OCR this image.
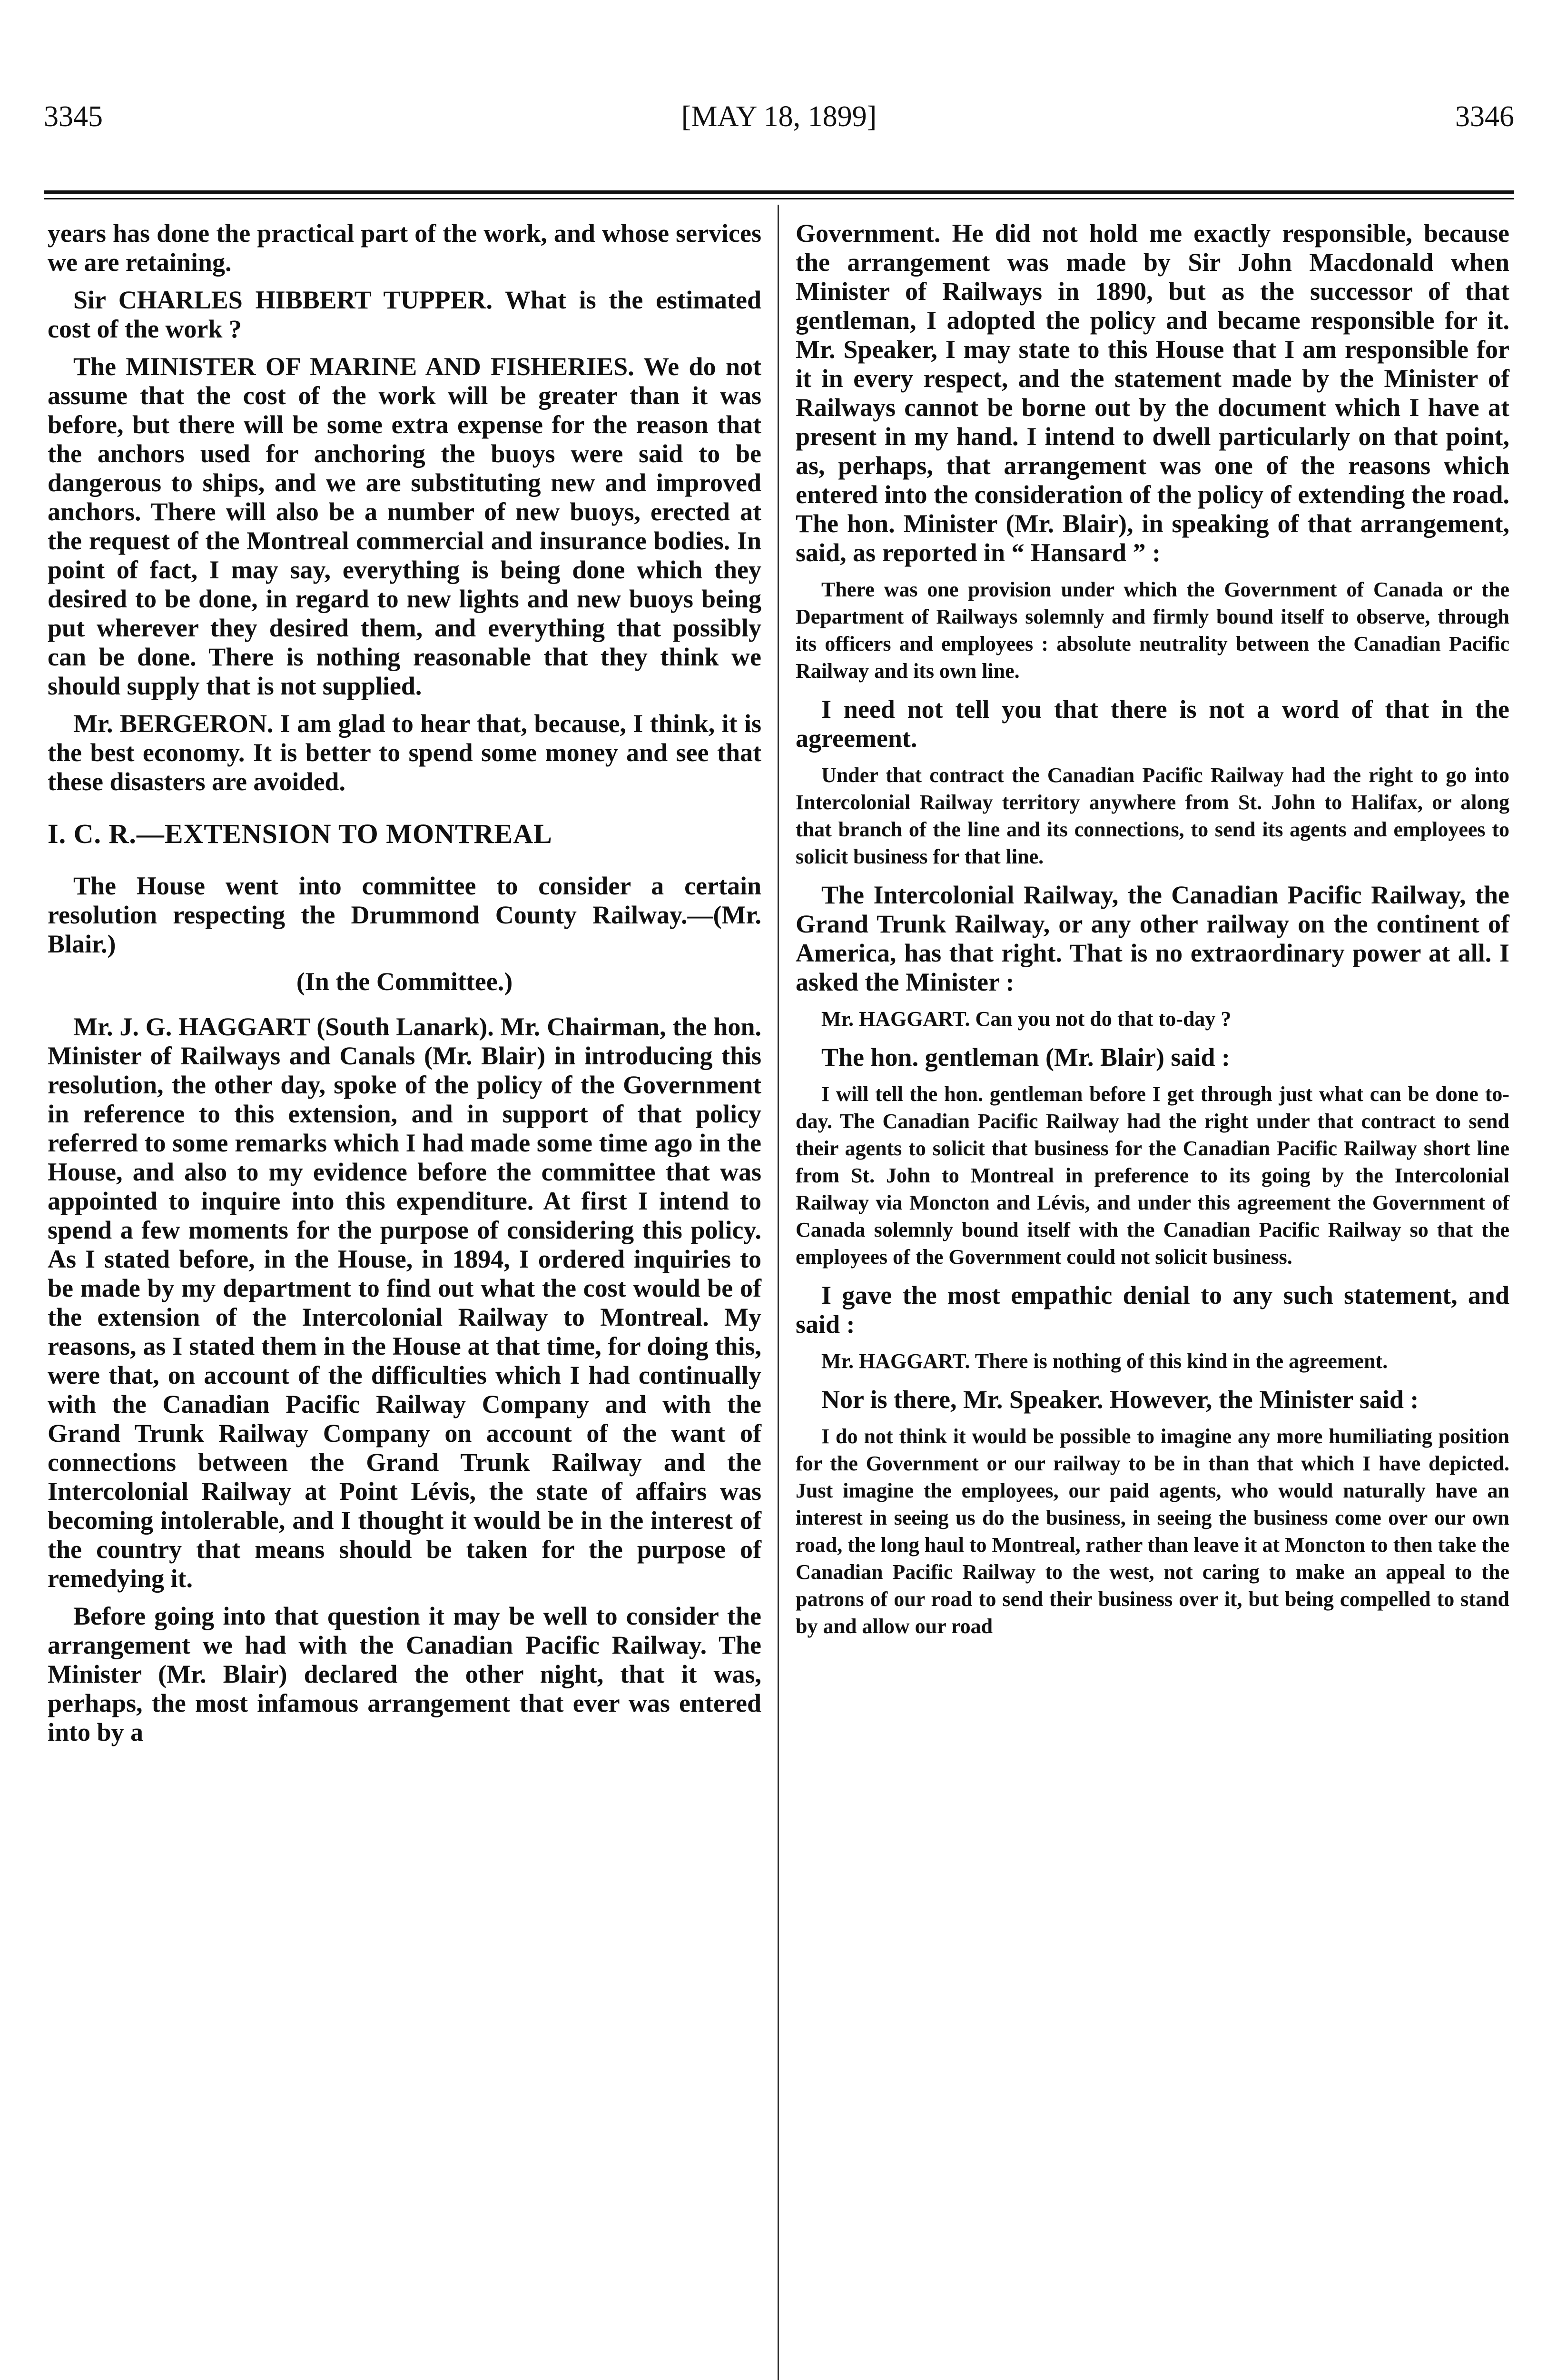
[MAY 18, 1899]
3345	3346

years has done the practical part of the work, and whose services we are retaining.

Sir CHARLES HIBBERT TUPPER. What is the estimated cost of the work ?

The MINISTER OF MARINE AND FISHERIES. We do not assume that the cost of the work will be greater than it was before, but there will be some extra expense for the reason that the anchors used for anchoring the buoys were said to be dangerous to ships, and we are substituting new and improved anchors. There will also be a number of new buoys, erected at the request of the Montreal commercial and insurance bodies. In point of fact, I may say, everything is being done which they desired to be done, in regard to new lights and new buoys being put wherever they desired them, and everything that possibly can be done. There is nothing reasonable that they think we should supply that is not supplied.

Mr. BERGERON. I am glad to hear that, because, I think, it is the best economy. It is better to spend some money and see that these disasters are avoided.

I. C. R.—EXTENSION TO MONTREAL

The House went into committee to consider a certain resolution respecting the Drummond County Railway.—(Mr. Blair.)

(In the Committee.)

Mr. J. G. HAGGART (South Lanark). Mr. Chairman, the hon. Minister of Railways and Canals (Mr. Blair) in introducing this resolution, the other day, spoke of the policy of the Government in reference to this extension, and in support of that policy referred to some remarks which I had made some time ago in the House, and also to my evidence before the committee that was appointed to inquire into this expenditure. At first I intend to spend a few moments for the purpose of considering this policy. As I stated before, in the House, in 1894, I ordered inquiries to be made by my department to find out what the cost would be of the extension of the Intercolonial Railway to Montreal. My reasons, as I stated them in the House at that time, for doing this, were that, on account of the difficulties which I had continually with the Canadian Pacific Railway Company and with the Grand Trunk Railway Company on account of the want of connections between the Grand Trunk Railway and the Intercolonial Railway at Point Lévis, the state of affairs was becoming intolerable, and I thought it would be in the interest of the country that means should be taken for the purpose of remedying it.

Before going into that question it may be well to consider the arrangement we had with the Canadian Pacific Railway. The Minister (Mr. Blair) declared the other night, that it was, perhaps, the most infamous arrangement that ever was entered into by a

Government. He did not hold me exactly responsible, because the arrangement was made by Sir John Macdonald when Minister of Railways in 1890, but as the successor of that gentleman, I adopted the policy and became responsible for it. Mr. Speaker, I may state to this House that I am responsible for it in every respect, and the statement made by the Minister of Railways cannot be borne out by the document which I have at present in my hand. I intend to dwell particularly on that point, as, perhaps, that arrangement was one of the reasons which entered into the consideration of the policy of extending the road. The hon. Minister (Mr. Blair), in speaking of that arrangement, said, as reported in “ Hansard ” :

There was one provision under which the Government of Canada or the Department of Railways solemnly and firmly bound itself to observe, through its officers and employees : absolute neutrality between the Canadian Pacific Railway and its own line.

I need not tell you that there is not a word of that in the agreement.

Under that contract the Canadian Pacific Railway had the right to go into Intercolonial Railway territory anywhere from St. John to Halifax, or along that branch of the line and its connections, to send its agents and employees to solicit business for that line.

The Intercolonial Railway, the Canadian Pacific Railway, the Grand Trunk Railway, or any other railway on the continent of America, has that right. That is no extraordinary power at all. I asked the Minister :

Mr. HAGGART. Can you not do that to-day ?

The hon. gentleman (Mr. Blair) said :

I will tell the hon. gentleman before I get through just what can be done to-day. The Canadian Pacific Railway had the right under that contract to send their agents to solicit that business for the Canadian Pacific Railway short line from St. John to Montreal in preference to its going by the Intercolonial Railway via Moncton and Lévis, and under this agreement the Government of Canada solemnly bound itself with the Canadian Pacific Railway so that the employees of the Government could not solicit business.

I gave the most empathic denial to any such statement, and said :

Mr. HAGGART. There is nothing of this kind in the agreement.

Nor is there, Mr. Speaker. However, the Minister said :

I do not think it would be possible to imagine any more humiliating position for the Government or our railway to be in than that which I have depicted. Just imagine the employees, our paid agents, who would naturally have an interest in seeing us do the business, in seeing the business come over our own road, the long haul to Montreal, rather than leave it at Moncton to then take the Canadian Pacific Railway to the west, not caring to make an appeal to the patrons of our road to send their business over it, but being compelled to stand by and allow our road
